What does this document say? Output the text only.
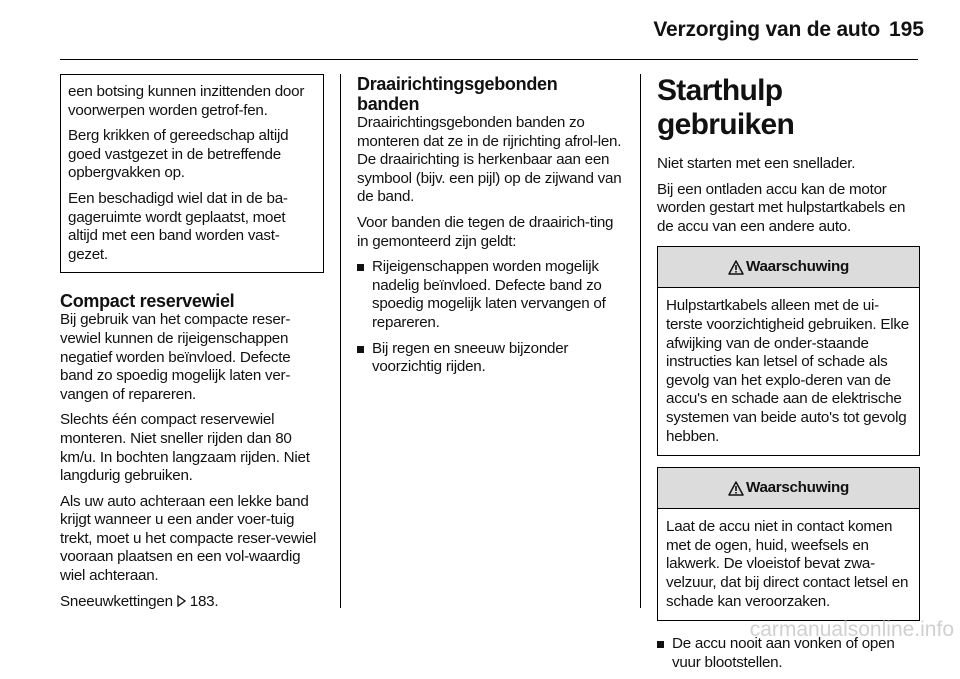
Verzorging van de auto 195

een botsing kunnen inzittenden door voorwerpen worden getrof-fen.

Berg krikken of gereedschap altijd goed vastgezet in de betreffende opbergvakken op.

Een beschadigd wiel dat in de ba-gageruimte wordt geplaatst, moet altijd met een band worden vast-gezet.

Compact reservewiel

Bij gebruik van het compacte reser-vewiel kunnen de rijeigenschappen negatief worden beïnvloed. Defecte band zo spoedig mogelijk laten ver-vangen of repareren.

Slechts één compact reservewiel monteren. Niet sneller rijden dan 80 km/u. In bochten langzaam rijden. Niet langdurig gebruiken.

Als uw auto achteraan een lekke band krijgt wanneer u een ander voer-tuig trekt, moet u het compacte reser-vewiel vooraan plaatsen en een vol-waardig wiel achteraan.

Sneeuwkettingen 183.

Draairichtingsgebonden
banden

Draairichtingsgebonden banden zo monteren dat ze in de rijrichting afrol-len. De draairichting is herkenbaar aan een symbool (bijv. een pijl) op de zijwand van de band.

Voor banden die tegen de draairich-ting in gemonteerd zijn geldt:

Rijeigenschappen worden mogelijk nadelig beïnvloed. Defecte band zo spoedig mogelijk laten vervangen of repareren.
Bij regen en sneeuw bijzonder voorzichtig rijden.
Starthulp gebruiken

Niet starten met een snellader.

Bij een ontladen accu kan de motor worden gestart met hulpstartkabels en de accu van een andere auto.

Waarschuwing

Hulpstartkabels alleen met de ui-terste voorzichtigheid gebruiken. Elke afwijking van de onder-staande instructies kan letsel of schade als gevolg van het explo-deren van de accu's en schade aan de elektrische systemen van beide auto's tot gevolg hebben.

Waarschuwing

Laat de accu niet in contact komen met de ogen, huid, weefsels en lakwerk. De vloeistof bevat zwa-velzuur, dat bij direct contact letsel en schade kan veroorzaken.

De accu nooit aan vonken of open vuur blootstellen.
carmanualsonline.info
